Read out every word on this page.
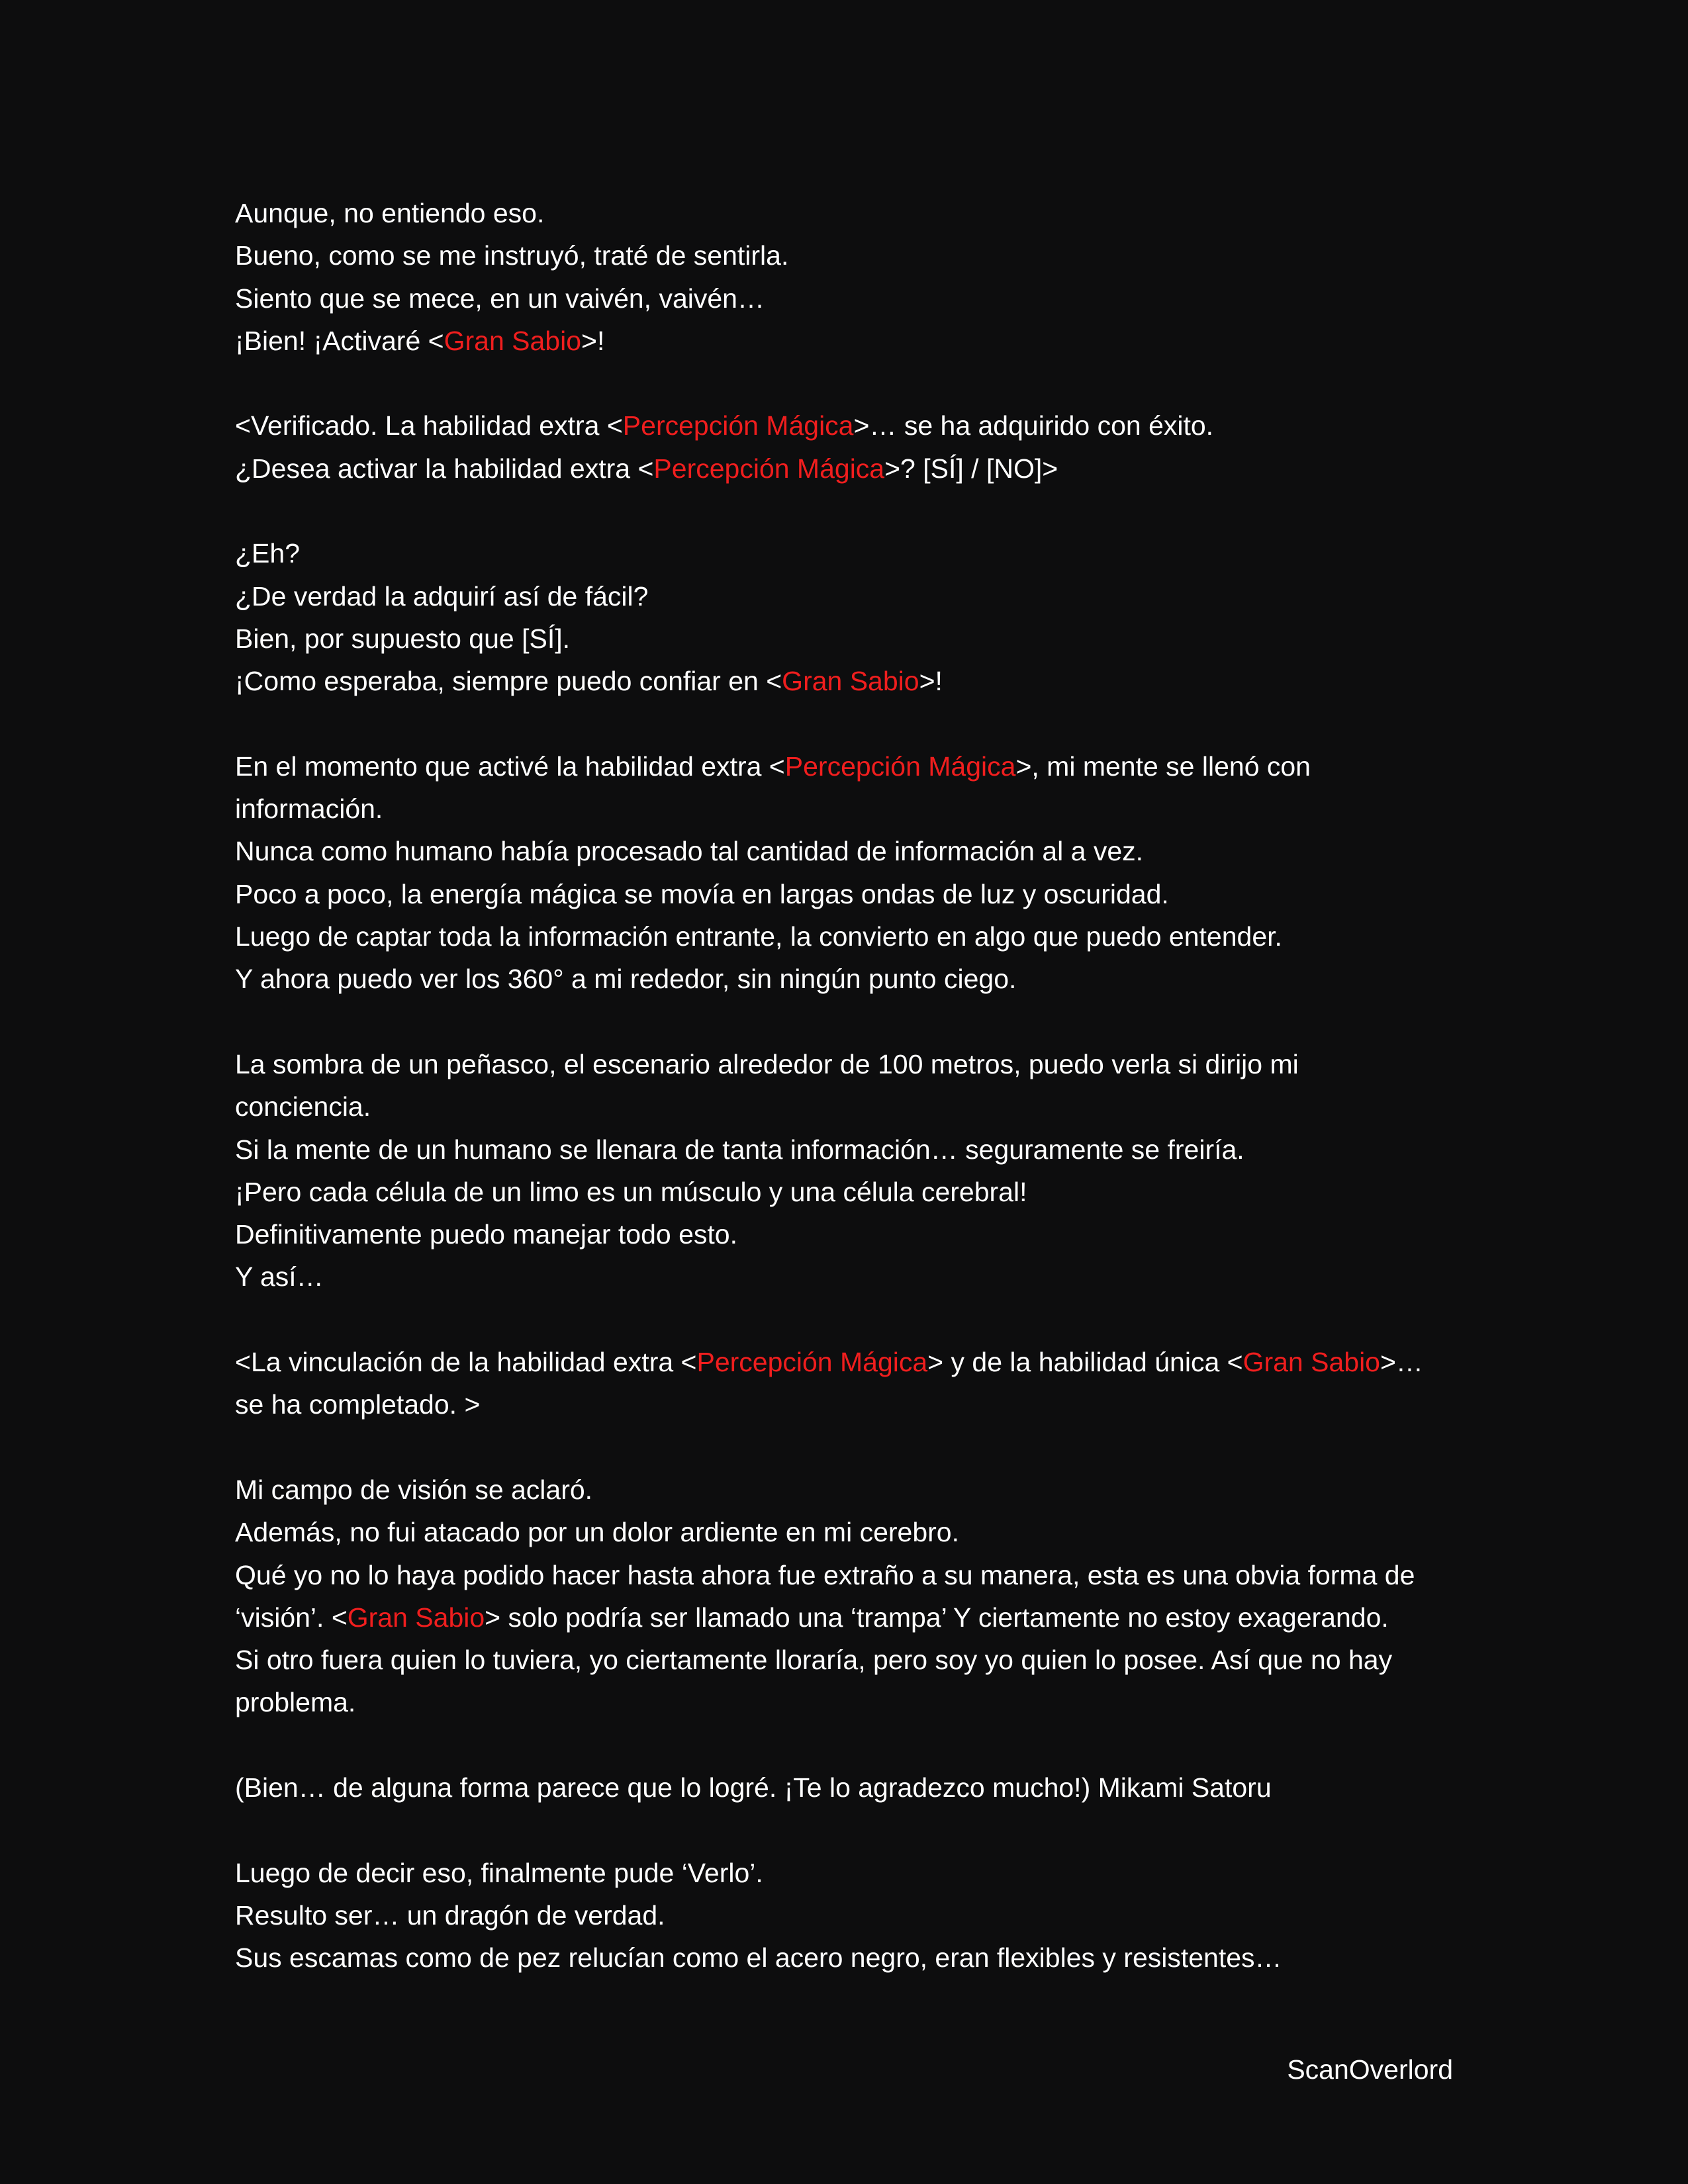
Aunque, no entiendo eso.
Bueno, como se me instruyó, traté de sentirla.
Siento que se mece, en un vaivén, vaivén…
¡Bien! ¡Activaré <Gran Sabio>!
<Verificado. La habilidad extra <Percepción Mágica>… se ha adquirido con éxito.
¿Desea activar la habilidad extra <Percepción Mágica>? [SÍ] / [NO]>
¿Eh?
¿De verdad la adquirí así de fácil?
Bien, por supuesto que [SÍ].
¡Como esperaba, siempre puedo confiar en <Gran Sabio>!
En el momento que activé la habilidad extra <Percepción Mágica>, mi mente se llenó con
información.
Nunca como humano había procesado tal cantidad de información al a vez.
Poco a poco, la energía mágica se movía en largas ondas de luz y oscuridad.
Luego de captar toda la información entrante, la convierto en algo que puedo entender.
Y ahora puedo ver los 360° a mi rededor, sin ningún punto ciego.
La sombra de un peñasco, el escenario alrededor de 100 metros, puedo verla si dirijo mi
conciencia.
Si la mente de un humano se llenara de tanta información… seguramente se freiría.
¡Pero cada célula de un limo es un músculo y una célula cerebral!
Definitivamente puedo manejar todo esto.
Y así…
<La vinculación de la habilidad extra <Percepción Mágica> y de la habilidad única <Gran Sabio>…
se ha completado. >
Mi campo de visión se aclaró.
Además, no fui atacado por un dolor ardiente en mi cerebro.
Qué yo no lo haya podido hacer hasta ahora fue extraño a su manera, esta es una obvia forma de
‘visión’. <Gran Sabio> solo podría ser llamado una ‘trampa’ Y ciertamente no estoy exagerando.
Si otro fuera quien lo tuviera, yo ciertamente lloraría, pero soy yo quien lo posee. Así que no hay
problema.
(Bien… de alguna forma parece que lo logré. ¡Te lo agradezco mucho!) Mikami Satoru
Luego de decir eso, finalmente pude ‘Verlo’.
Resulto ser… un dragón de verdad.
Sus escamas como de pez relucían como el acero negro, eran flexibles y resistentes…
ScanOverlord
